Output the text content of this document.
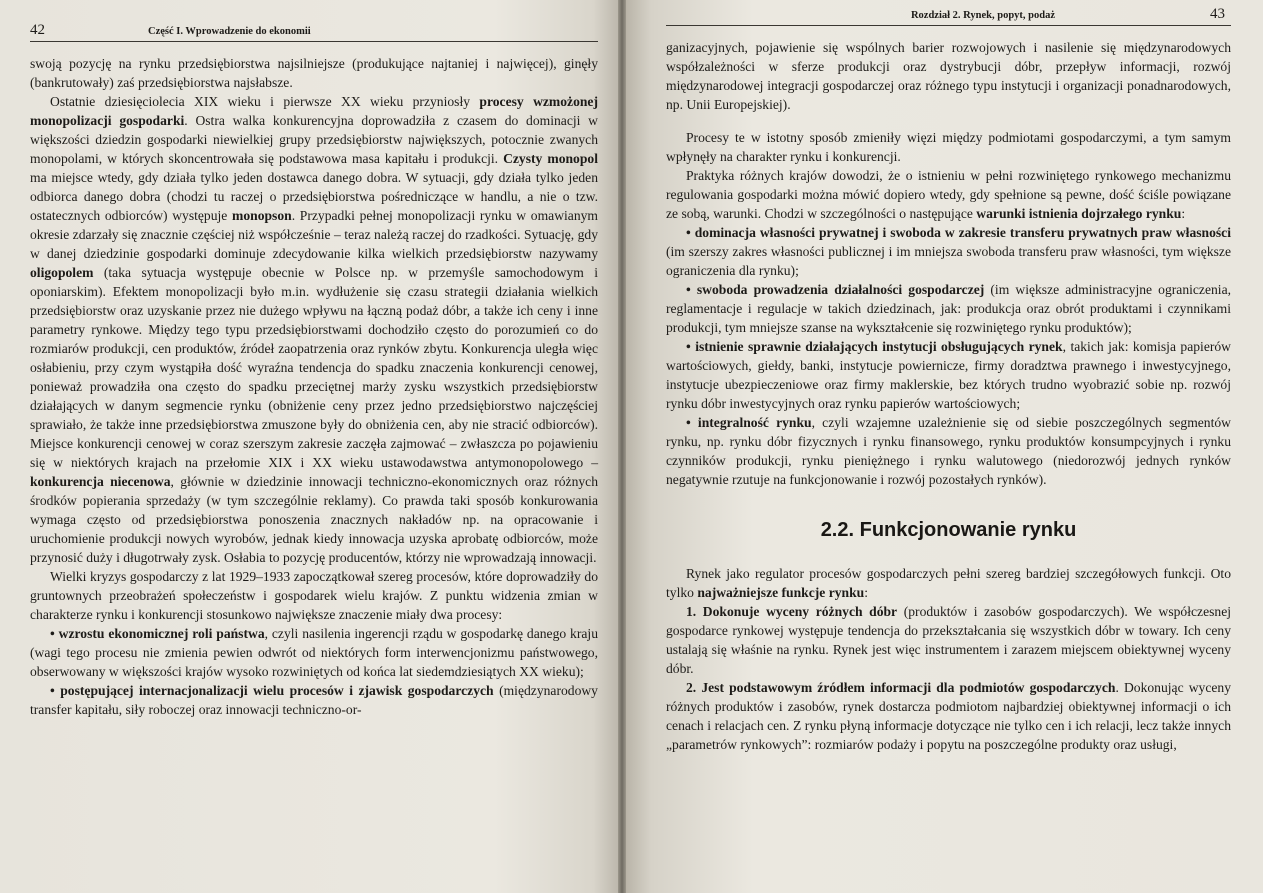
42	Część I. Wprowadzenie do ekonomii

swoją pozycję na rynku przedsiębiorstwa najsilniejsze (produkujące najtaniej i najwięcej), ginęły (bankrutowały) zaś przedsiębiorstwa najsłabsze.

Ostatnie dziesięciolecia XIX wieku i pierwsze XX wieku przyniosły procesy wzmożonej monopolizacji gospodarki. Ostra walka konkurencyjna doprowadziła z czasem do dominacji w większości dziedzin gospodarki niewielkiej grupy przedsiębiorstw największych, potocznie zwanych monopolami, w których skoncentrowała się podstawowa masa kapitału i produkcji. Czysty monopol ma miejsce wtedy, gdy działa tylko jeden dostawca danego dobra. W sytuacji, gdy działa tylko jeden odbiorca danego dobra (chodzi tu raczej o przedsiębiorstwa pośredniczące w handlu, a nie o tzw. ostatecznych odbiorców) występuje monopson. Przypadki pełnej monopolizacji rynku w omawianym okresie zdarzały się znacznie częściej niż współcześnie – teraz należą raczej do rzadkości. Sytuację, gdy w danej dziedzinie gospodarki dominuje zdecydowanie kilka wielkich przedsiębiorstw nazywamy oligopolem (taka sytuacja występuje obecnie w Polsce np. w przemyśle samochodowym i oponiarskim). Efektem monopolizacji było m.in. wydłużenie się czasu strategii działania wielkich przedsiębiorstw oraz uzyskanie przez nie dużego wpływu na łączną podaż dóbr, a także ich ceny i inne parametry rynkowe. Między tego typu przedsiębiorstwami dochodziło często do porozumień co do rozmiarów produkcji, cen produktów, źródeł zaopatrzenia oraz rynków zbytu. Konkurencja uległa więc osłabieniu, przy czym wystąpiła dość wyraźna tendencja do spadku znaczenia konkurencji cenowej, ponieważ prowadziła ona często do spadku przeciętnej marży zysku wszystkich przedsiębiorstw działających w danym segmencie rynku (obniżenie ceny przez jedno przedsiębiorstwo najczęściej sprawiało, że także inne przedsiębiorstwa zmuszone były do obniżenia cen, aby nie stracić odbiorców). Miejsce konkurencji cenowej w coraz szerszym zakresie zaczęła zajmować – zwłaszcza po pojawieniu się w niektórych krajach na przełomie XIX i XX wieku ustawodawstwa antymonopolowego – konkurencja niecenowa, głównie w dziedzinie innowacji techniczno-ekonomicznych oraz różnych środków popierania sprzedaży (w tym szczególnie reklamy). Co prawda taki sposób konkurowania wymaga często od przedsiębiorstwa ponoszenia znacznych nakładów np. na opracowanie i uruchomienie produkcji nowych wyrobów, jednak kiedy innowacja uzyska aprobatę odbiorców, może przynosić duży i długotrwały zysk. Osłabia to pozycję producentów, którzy nie wprowadzają innowacji.

Wielki kryzys gospodarczy z lat 1929–1933 zapoczątkował szereg procesów, które doprowadziły do gruntownych przeobrażeń społeczeństw i gospodarek wielu krajów. Z punktu widzenia zmian w charakterze rynku i konkurencji stosunkowo największe znaczenie miały dwa procesy:

• wzrostu ekonomicznej roli państwa, czyli nasilenia ingerencji rządu w gospodarkę danego kraju (wagi tego procesu nie zmienia pewien odwrót od niektórych form interwencjonizmu państwowego, obserwowany w większości krajów wysoko rozwiniętych od końca lat siedemdziesiątych XX wieku);

• postępującej internacjonalizacji wielu procesów i zjawisk gospodarczych (międzynarodowy transfer kapitału, siły roboczej oraz innowacji techniczno-or-

Rozdział 2. Rynek, popyt, podaż	43

ganizacyjnych, pojawienie się wspólnych barier rozwojowych i nasilenie się międzynarodowych współzależności w sferze produkcji oraz dystrybucji dóbr, przepływ informacji, rozwój międzynarodowej integracji gospodarczej oraz różnego typu instytucji i organizacji ponadnarodowych, np. Unii Europejskiej).

Procesy te w istotny sposób zmieniły więzi między podmiotami gospodarczymi, a tym samym wpłynęły na charakter rynku i konkurencji.

Praktyka różnych krajów dowodzi, że o istnieniu w pełni rozwiniętego rynkowego mechanizmu regulowania gospodarki można mówić dopiero wtedy, gdy spełnione są pewne, dość ściśle powiązane ze sobą, warunki. Chodzi w szczególności o następujące warunki istnienia dojrzałego rynku:

• dominacja własności prywatnej i swoboda w zakresie transferu prywatnych praw własności (im szerszy zakres własności publicznej i im mniejsza swoboda transferu praw własności, tym większe ograniczenia dla rynku);

• swoboda prowadzenia działalności gospodarczej (im większe administracyjne ograniczenia, reglamentacje i regulacje w takich dziedzinach, jak: produkcja oraz obrót produktami i czynnikami produkcji, tym mniejsze szanse na wykształcenie się rozwiniętego rynku produktów);

• istnienie sprawnie działających instytucji obsługujących rynek, takich jak: komisja papierów wartościowych, giełdy, banki, instytucje powiernicze, firmy doradztwa prawnego i inwestycyjnego, instytucje ubezpieczeniowe oraz firmy maklerskie, bez których trudno wyobrazić sobie np. rozwój rynku dóbr inwestycyjnych oraz rynku papierów wartościowych;

• integralność rynku, czyli wzajemne uzależnienie się od siebie poszczególnych segmentów rynku, np. rynku dóbr fizycznych i rynku finansowego, rynku produktów konsumpcyjnych i rynku czynników produkcji, rynku pieniężnego i rynku walutowego (niedorozwój jednych rynków negatywnie rzutuje na funkcjonowanie i rozwój pozostałych rynków).

2.2. Funkcjonowanie rynku

Rynek jako regulator procesów gospodarczych pełni szereg bardziej szczegółowych funkcji. Oto tylko najważniejsze funkcje rynku:

1. Dokonuje wyceny różnych dóbr (produktów i zasobów gospodarczych). We współczesnej gospodarce rynkowej występuje tendencja do przekształcania się wszystkich dóbr w towary. Ich ceny ustalają się właśnie na rynku. Rynek jest więc instrumentem i zarazem miejscem obiektywnej wyceny dóbr.

2. Jest podstawowym źródłem informacji dla podmiotów gospodarczych. Dokonując wyceny różnych produktów i zasobów, rynek dostarcza podmiotom najbardziej obiektywnej informacji o ich cenach i relacjach cen. Z rynku płyną informacje dotyczące nie tylko cen i ich relacji, lecz także innych „parametrów rynkowych”: rozmiarów podaży i popytu na poszczególne produkty oraz usługi,
